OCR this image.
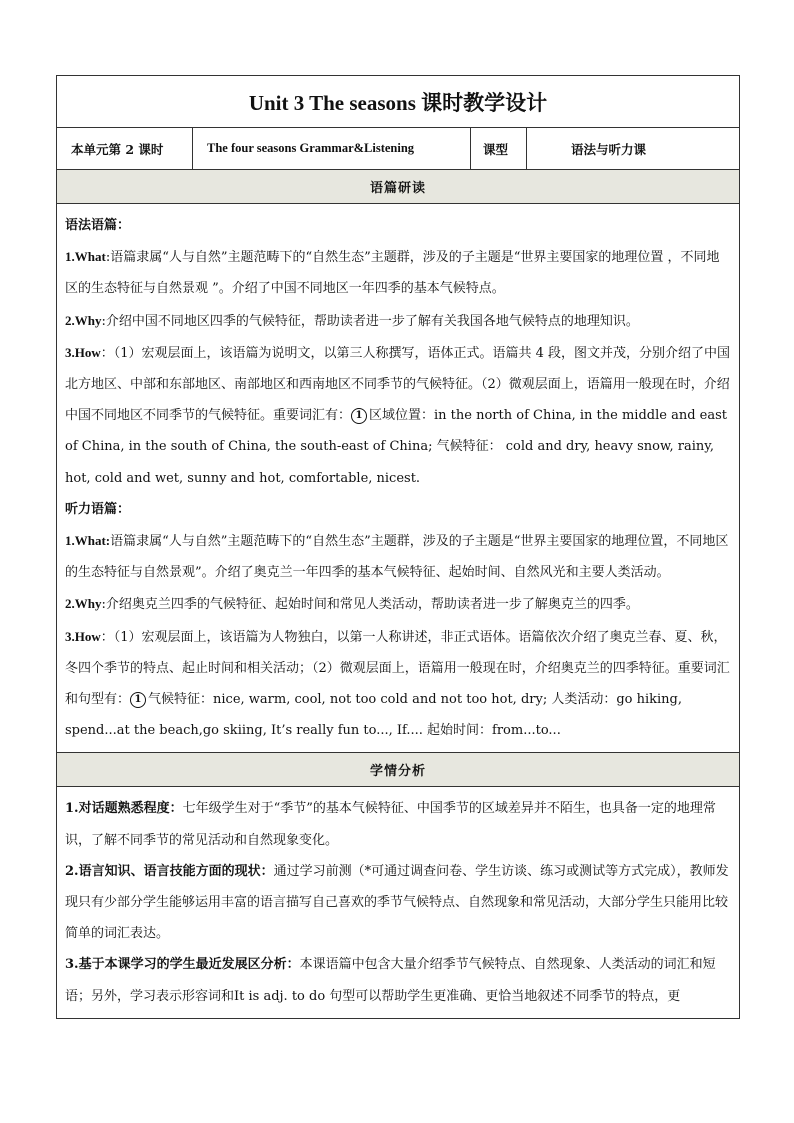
Unit 3 The seasons 课时教学设计
本单元第 2 课时	The four seasons Grammar&Listening	课型	语法与听力课
语篇研读

语法语篇：

1.What:语篇隶属“人与自然”主题范畴下的“自然生态”主题群，涉及的子主题是“世界主要国家的地理位置 ，不同地区的生态特征与自然景观 ”。介绍了中国不同地区一年四季的基本气候特点。

2.Why:介绍中国不同地区四季的气候特征，帮助读者进一步了解有关我国各地气候特点的地理知识。

3.How：（1）宏观层面上，该语篇为说明文，以第三人称撰写，语体正式。语篇共 4 段，图文并茂，分别介绍了中国北方地区、中部和东部地区、南部地区和西南地区不同季节的气候特征。（2）微观层面上，语篇用一般现在时，介绍中国不同地区不同季节的气候特征。重要词汇有： 1 区域位置：in the north of China, in the middle and east of China, in the south of China, the south-east of China; 气候特征： cold and dry, heavy snow, rainy, hot, cold and wet, sunny and hot, comfortable, nicest.

听力语篇：

1.What:语篇隶属“人与自然”主题范畴下的“自然生态”主题群，涉及的子主题是“世界主要国家的地理位置，不同地区的生态特征与自然景观”。介绍了奥克兰一年四季的基本气候特征、起始时间、自然风光和主要人类活动。

2.Why:介绍奥克兰四季的气候特征、起始时间和常见人类活动，帮助读者进一步了解奥克兰的四季。

3.How：（1）宏观层面上，该语篇为人物独白，以第一人称讲述，非正式语体。语篇依次介绍了奥克兰春、夏、秋，冬四个季节的特点、起止时间和相关活动；（2）微观层面上，语篇用一般现在时，介绍奥克兰的四季特征。重要词汇和句型有： 1 气候特征：nice, warm, cool, not too cold and not too hot, dry; 人类活动：go hiking, spend...at the beach,go skiing, It’s really fun to..., If.... 起始时间：from...to...

学情分析

1.对话题熟悉程度：七年级学生对于“季节”的基本气候特征、中国季节的区域差异并不陌生，也具备一定的地理常识，了解不同季节的常见活动和自然现象变化。

2.语言知识、语言技能方面的现状：通过学习前测（*可通过调查问卷、学生访谈、练习或测试等方式完成），教师发现只有少部分学生能够运用丰富的语言描写自己喜欢的季节气候特点、自然现象和常见活动，大部分学生只能用比较简单的词汇表达。

3.基于本课学习的学生最近发展区分析：本课语篇中包含大量介绍季节气候特点、自然现象、人类活动的词汇和短语；另外，学习表示形容词和It is adj. to do 句型可以帮助学生更准确、更恰当地叙述不同季节的特点，更
